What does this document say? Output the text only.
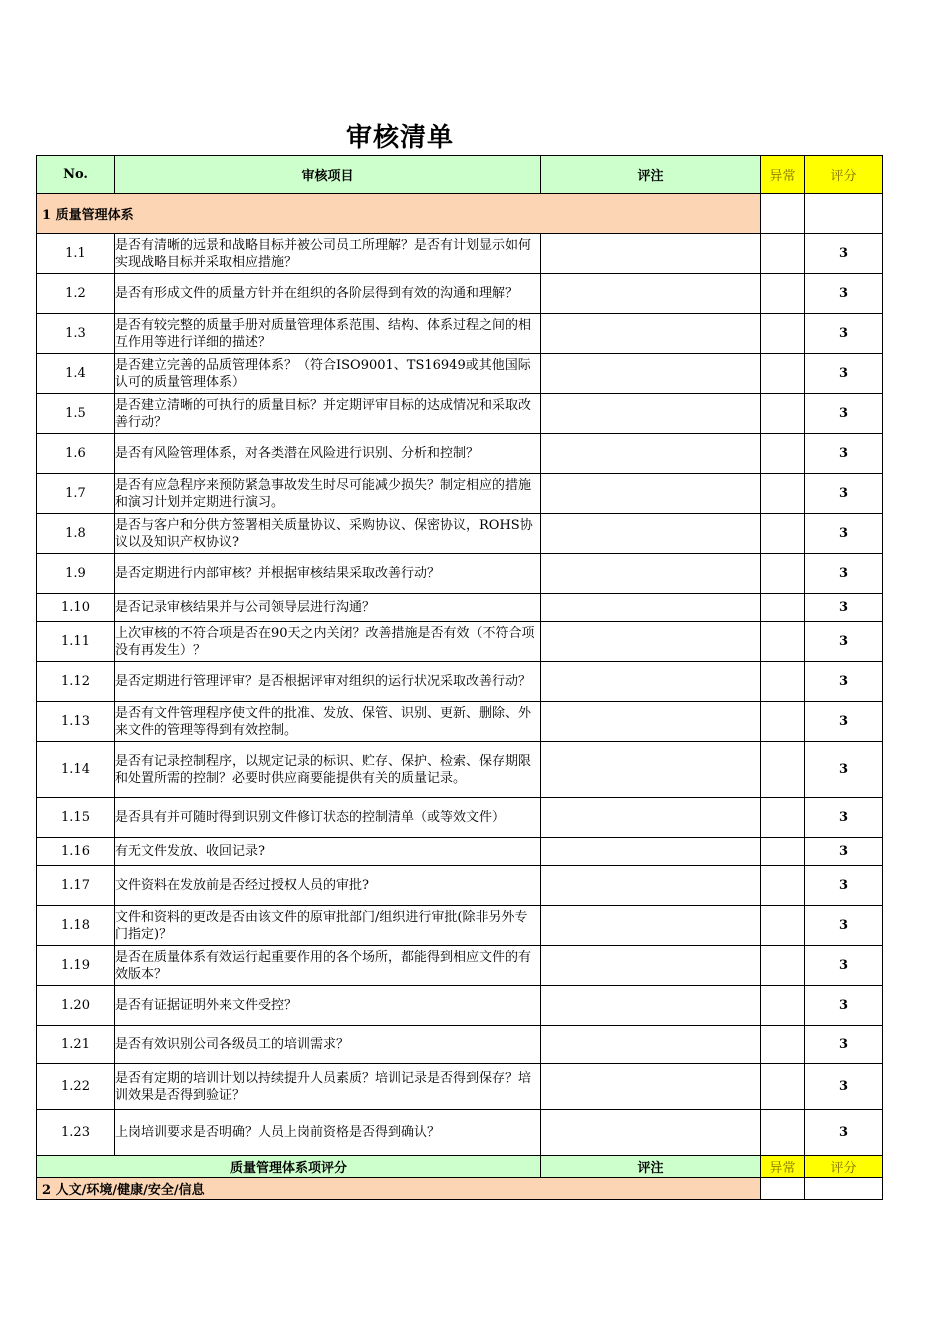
审核清单
No.	审核项目	评注	异常	评分
1 质量管理体系				
1.1	是否有清晰的远景和战略目标并被公司员工所理解？是否有计划显示如何实现战略目标并采取相应措施？			3
1.2	是否有形成文件的质量方针并在组织的各阶层得到有效的沟通和理解？			3
1.3	是否有较完整的质量手册对质量管理体系范围、结构、体系过程之间的相互作用等进行详细的描述？			3
1.4	是否建立完善的品质管理体系？（符合ISO9001、TS16949或其他国际认可的质量管理体系）			3
1.5	是否建立清晰的可执行的质量目标？并定期评审目标的达成情况和采取改善行动？			3
1.6	是否有风险管理体系，对各类潜在风险进行识别、分析和控制？			3
1.7	是否有应急程序来预防紧急事故发生时尽可能减少损失？制定相应的措施和演习计划并定期进行演习。			3
1.8	是否与客户和分供方签署相关质量协议、采购协议、保密协议，ROHS协议以及知识产权协议?			3
1.9	是否定期进行内部审核？并根据审核结果采取改善行动？			3
1.10	是否记录审核结果并与公司领导层进行沟通？			3
1.11	上次审核的不符合项是否在90天之内关闭？改善措施是否有效（不符合项没有再发生）？			3
1.12	是否定期进行管理评审？是否根据评审对组织的运行状况采取改善行动？			3
1.13	是否有文件管理程序使文件的批准、发放、保管、识别、更新、删除、外来文件的管理等得到有效控制。			3
1.14	是否有记录控制程序，以规定记录的标识、贮存、保护、检索、保存期限和处置所需的控制？必要时供应商要能提供有关的质量记录。			3
1.15	是否具有并可随时得到识别文件修订状态的控制清单（或等效文件）			3
1.16	有无文件发放、收回记录?			3
1.17	文件资料在发放前是否经过授权人员的审批?			3
1.18	文件和资料的更改是否由该文件的原审批部门/组织进行审批(除非另外专门指定)？			3
1.19	是否在质量体系有效运行起重要作用的各个场所，都能得到相应文件的有效版本？			3
1.20	是否有证据证明外来文件受控？			3
1.21	是否有效识别公司各级员工的培训需求？			3
1.22	是否有定期的培训计划以持续提升人员素质？培训记录是否得到保存？培训效果是否得到验证？			3
1.23	上岗培训要求是否明确？人员上岗前资格是否得到确认？			3
质量管理体系项评分		评注	异常	评分
2 人文/环境/健康/安全/信息				
